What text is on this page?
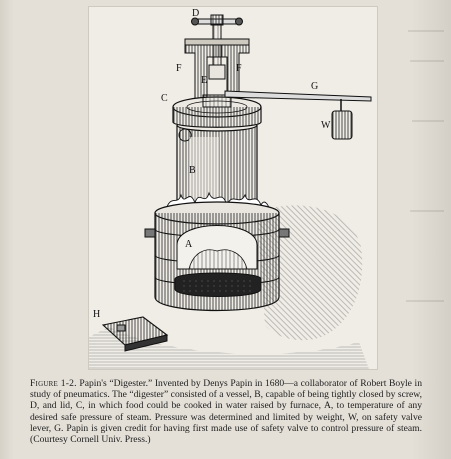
D
F
E
F
C
G
W
B
A
H
Figure 1-2. Papin's “Digester.” Invented by Denys Papin in 1680—a collaborator of Robert Boyle in study of pneumatics. The “digester” consisted of a vessel, B, capable of being tightly closed by screw, D, and lid, C, in which food could be cooked in water raised by furnace, A, to temperature of any desired safe pressure of steam. Pressure was determined and limited by weight, W, on safety valve lever, G. Papin is given credit for having first made use of safety valve to control pressure of steam. (Courtesy Cornell Univ. Press.)
